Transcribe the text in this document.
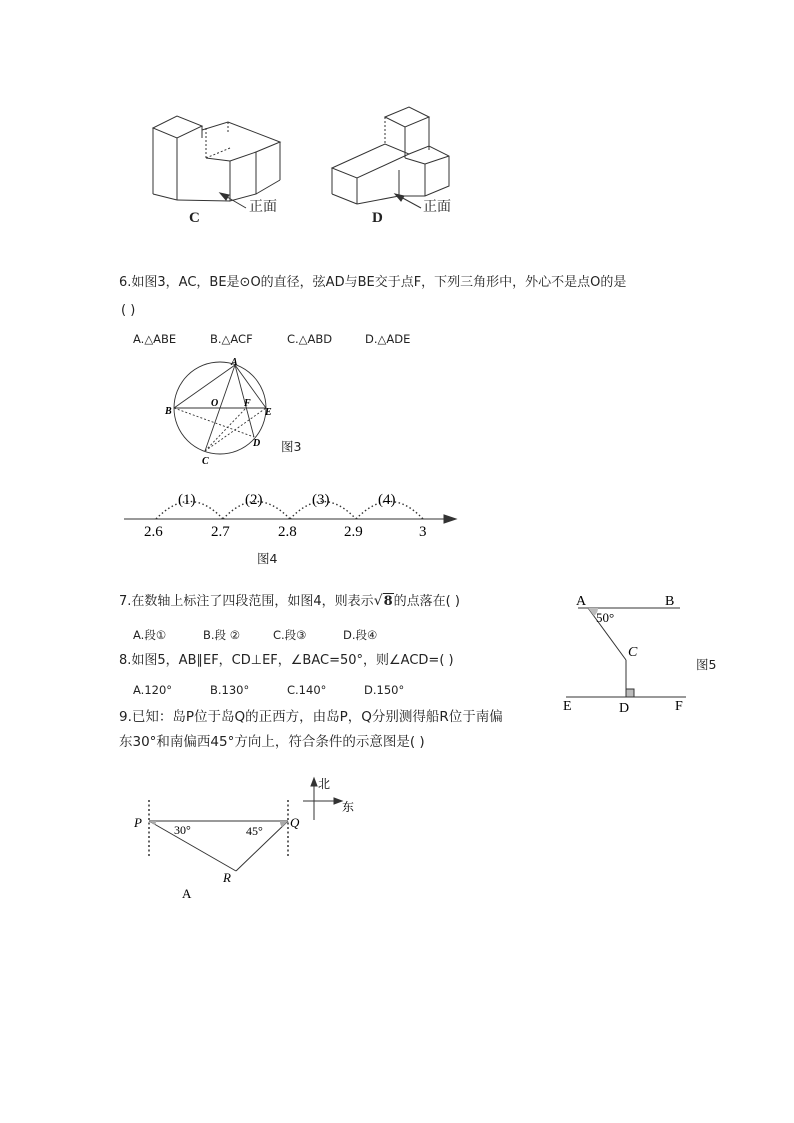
正面
C
正面
D
6.如图3，AC，BE是⊙O的直径，弦AD与BE交于点F，下列三角形中，外心不是点O的是
( )
A.△ABE	B.△ACF	C.△ABD	D.△ADE
A
B
O	F
E
D
C
图3
(1)	(2)	(3)	(4)
2.6	2.7	2.8	2.9	3
图4
7.在数轴上标注了四段范围，如图4，则表示√8的点落在( )
A.段①	B.段 ②	C.段③	D.段④
8.如图5，AB∥EF，CD⊥EF，∠BAC=50°，则∠ACD=( )
A.120°	B.130°	C.140°	D.150°
A	B
50°
C
E	D	F
图5
9.已知：岛P位于岛Q的正西方，由岛P，Q分别测得船R位于南偏
东30°和南偏西45°方向上，符合条件的示意图是( )
P	Q
R
30°	45°
北
东
A
